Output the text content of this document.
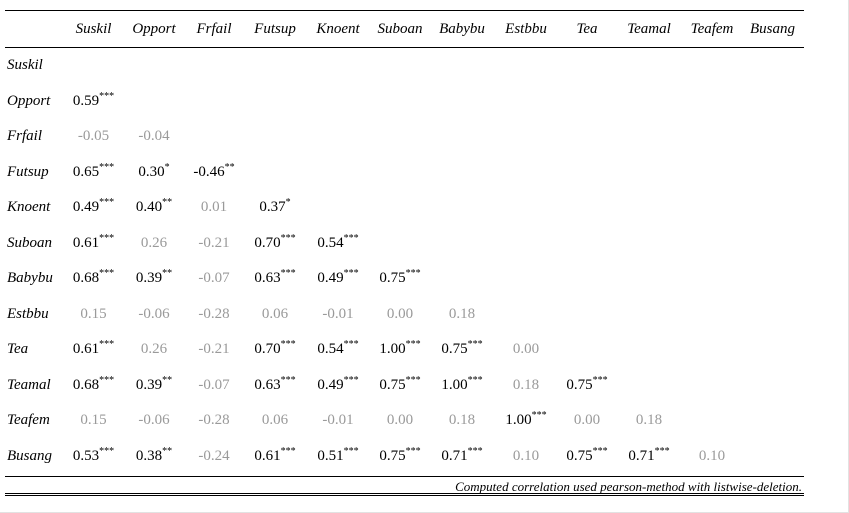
	Suskil	Opport	Frfail	Futsup	Knoent	Suboan	Babybu	Estbbu	Tea	Teamal	Teafem	Busang
Suskil												
Opport	0.59***											
Frfail	-0.05	-0.04										
Futsup	0.65***	0.30*	-0.46**									
Knoent	0.49***	0.40**	0.01	0.37*								
Suboan	0.61***	0.26	-0.21	0.70***	0.54***							
Babybu	0.68***	0.39**	-0.07	0.63***	0.49***	0.75***						
Estbbu	0.15	-0.06	-0.28	0.06	-0.01	0.00	0.18					
Tea	0.61***	0.26	-0.21	0.70***	0.54***	1.00***	0.75***	0.00				
Teamal	0.68***	0.39**	-0.07	0.63***	0.49***	0.75***	1.00***	0.18	0.75***			
Teafem	0.15	-0.06	-0.28	0.06	-0.01	0.00	0.18	1.00***	0.00	0.18		
Busang	0.53***	0.38**	-0.24	0.61***	0.51***	0.75***	0.71***	0.10	0.75***	0.71***	0.10	
Computed correlation used pearson-method with listwise-deletion.
